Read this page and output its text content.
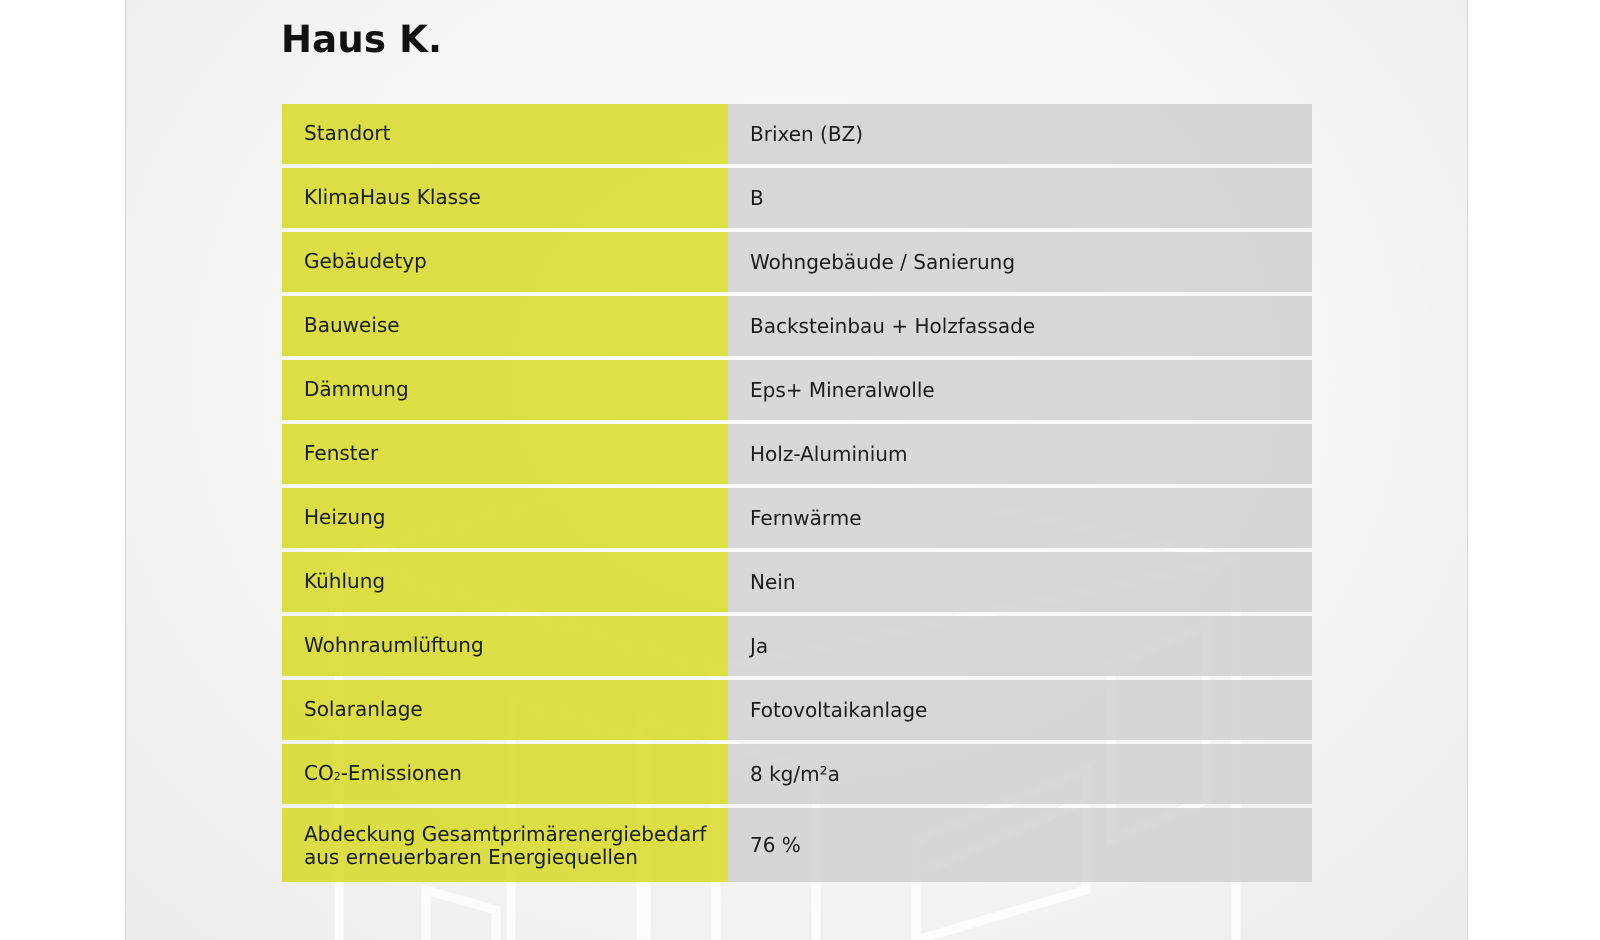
Haus K.
Standort	Brixen (BZ)
KlimaHaus Klasse	B
Gebäudetyp	Wohngebäude / Sanierung
Bauweise	Backsteinbau + Holzfassade
Dämmung	Eps+ Mineralwolle
Fenster	Holz-Aluminium
Heizung	Fernwärme
Kühlung	Nein
Wohnraumlüftung	Ja
Solaranlage	Fotovoltaikanlage
$CO_2$ -Emissionen	8 kg/m²a
Abdeckung Gesamtprimärenergiebedarf
aus erneuerbaren Energiequellen	76 %
